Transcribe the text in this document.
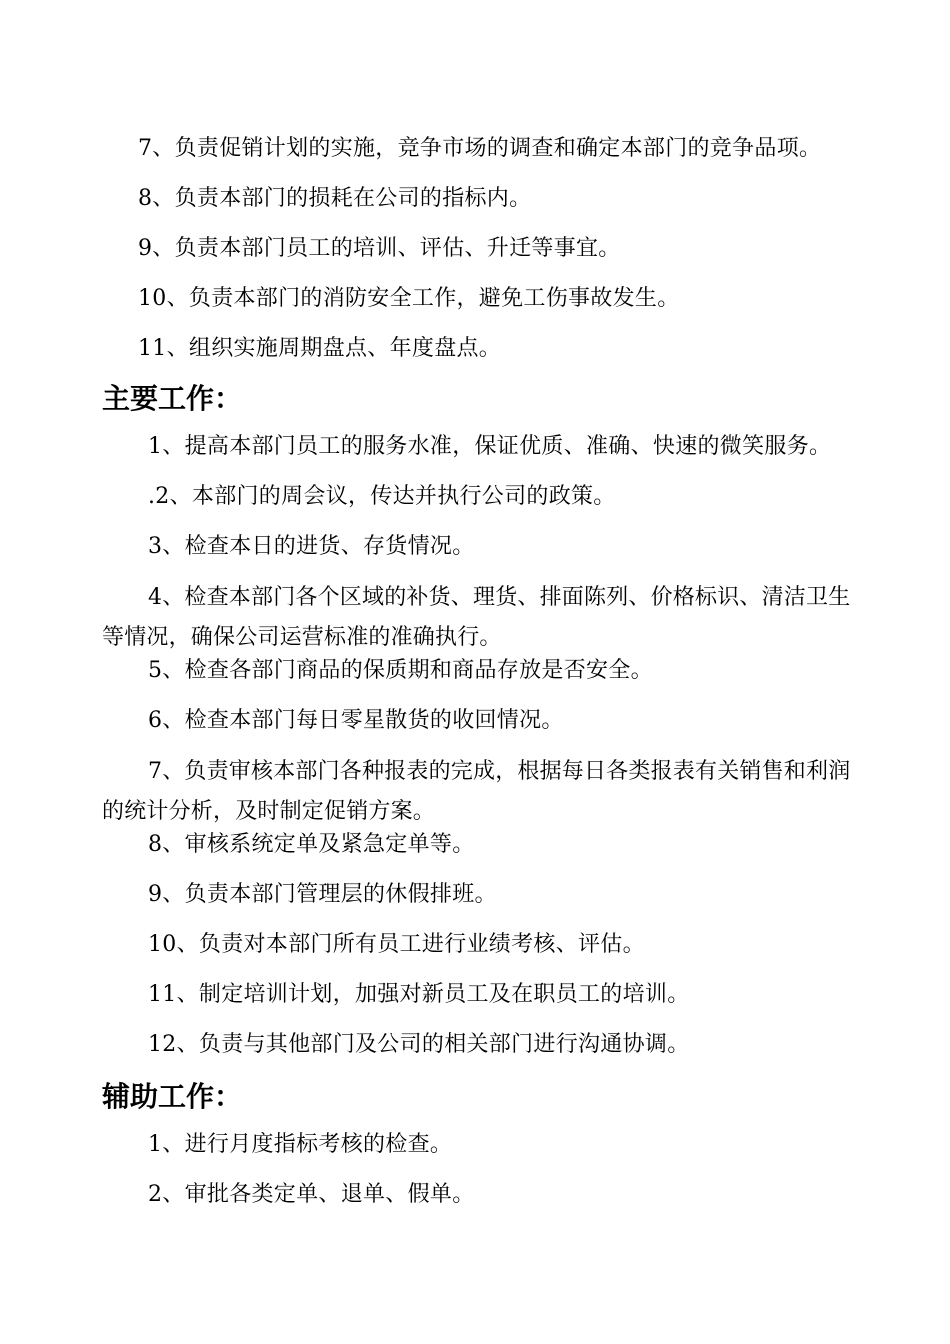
7、负责促销计划的实施，竞争市场的调查和确定本部门的竞争品项。
8、负责本部门的损耗在公司的指标内。
9、负责本部门员工的培训、评估、升迁等事宜。
10、负责本部门的消防安全工作，避免工伤事故发生。
11、组织实施周期盘点、年度盘点。
主要工作：
1、提高本部门员工的服务水准，保证优质、准确、快速的微笑服务。
.2、本部门的周会议，传达并执行公司的政策。
3、检查本日的进货、存货情况。
4、检查本部门各个区域的补货、理货、排面陈列、价格标识、清洁卫生等情况，确保公司运营标准的准确执行。
5、检查各部门商品的保质期和商品存放是否安全。
6、检查本部门每日零星散货的收回情况。
7、负责审核本部门各种报表的完成，根据每日各类报表有关销售和利润的统计分析，及时制定促销方案。
8、审核系统定单及紧急定单等。
9、负责本部门管理层的休假排班。
10、负责对本部门所有员工进行业绩考核、评估。
11、制定培训计划，加强对新员工及在职员工的培训。
12、负责与其他部门及公司的相关部门进行沟通协调。
辅助工作：
1、进行月度指标考核的检查。
2、审批各类定单、退单、假单。
